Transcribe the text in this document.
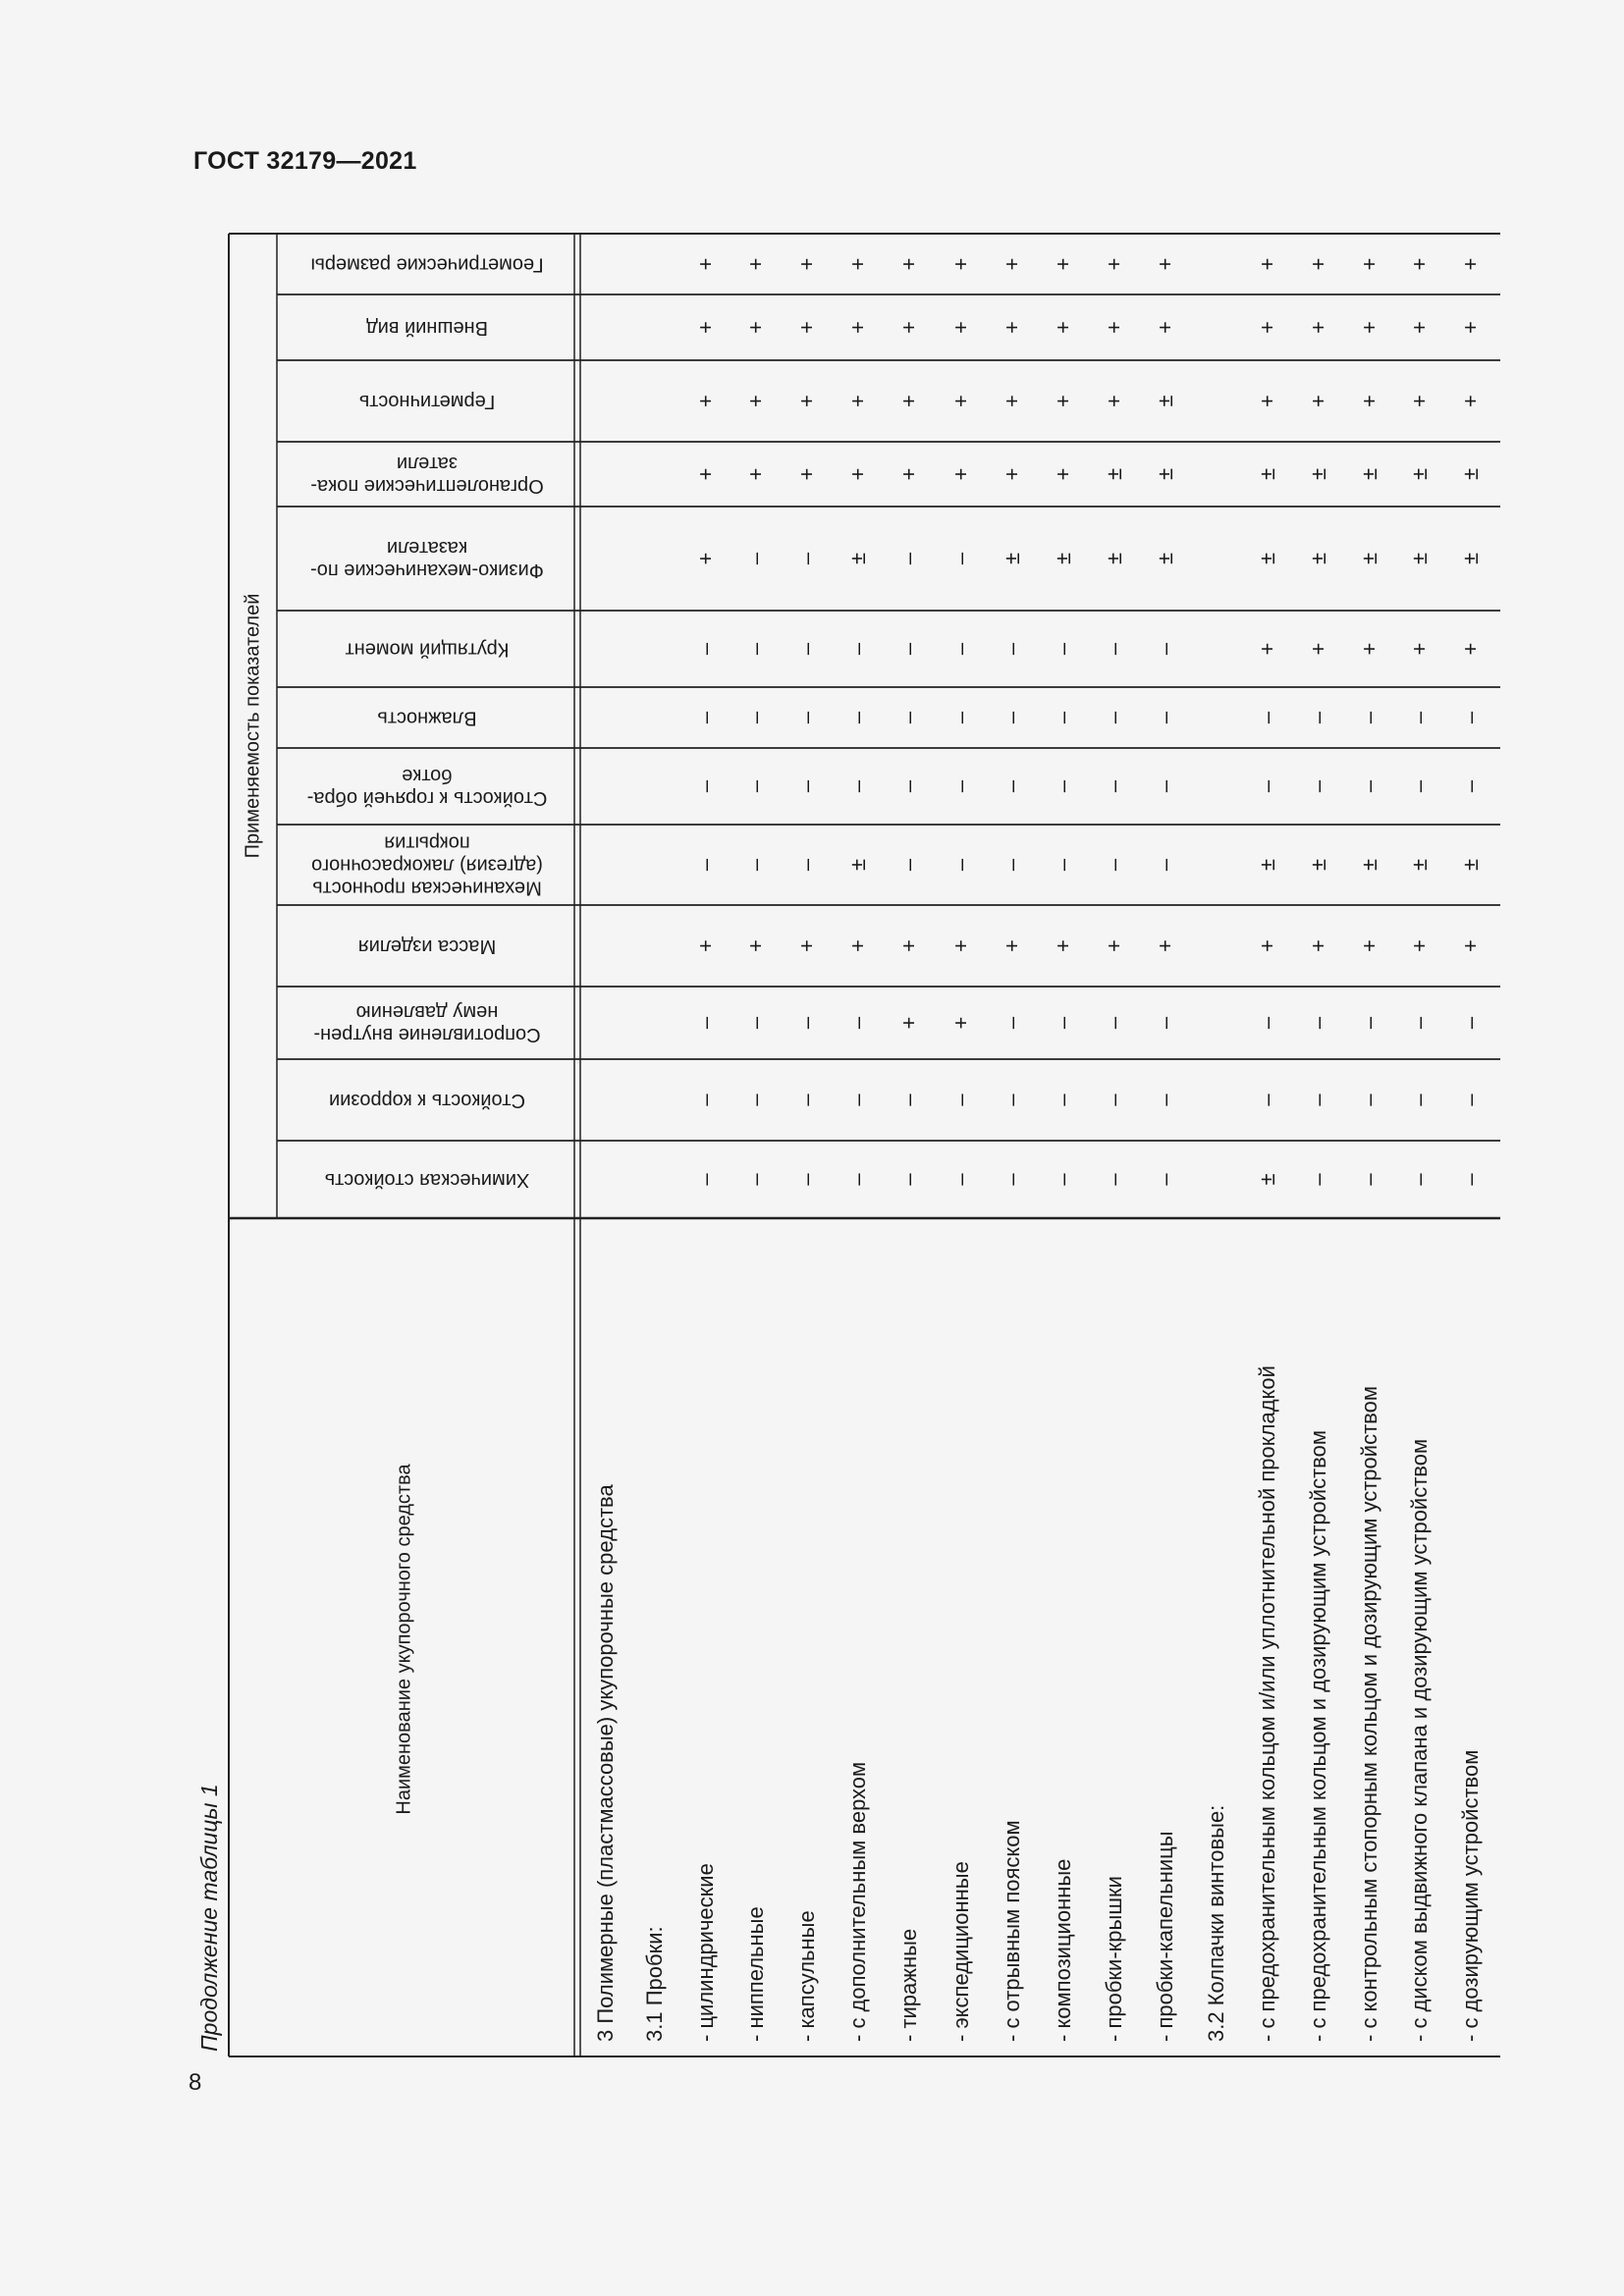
ГОСТ 32179—2021
Продолжение таблицы 1
8
Применяемость показателей
Наименование укупорочного средства
Геометрические размеры
Внешний вид
Герметичность
Органолептические пока-
затели
Физико-механические по-
казатели
Крутящий момент
Влажность
Стойкость к горячей обра-
ботке
Механическая прочность
(адгезия) лакокрасочного
покрытия
Масса изделия
Сопротивление внутрен-
нему давлению
Стойкость к коррозии
Химическая стойкость
3 Полимерные (пластмассовые) укупорочные средства 3.1 Пробки: - цилиндрические
+
+
+
+
+
–
–
–
–
+
–
–
–
- ниппельные
+
+
+
+
–
–
–
–
–
+
–
–
–
- капсульные
+
+
+
+
–
–
–
–
–
+
–
–
–
- с дополнительным верхом
+
+
+
+
±
–
–
–
±
+
–
–
–
- тиражные
+
+
+
+
–
–
–
–
–
+
+
–
–
- экспедиционные
+
+
+
+
–
–
–
–
–
+
+
–
–
- с отрывным пояском
+
+
+
+
±
–
–
–
–
+
–
–
–
- композиционные
+
+
+
+
±
–
–
–
–
+
–
–
–
- пробки-крышки
+
+
+
±
±
–
–
–
–
+
–
–
–
- пробки-капельницы
+
+
±
±
±
–
–
–
–
+
–
–
–
3.2 Колпачки винтовые: - с предохранительным кольцом и/или уплотнительной прокладкой
+
+
+
±
±
+
–
–
±
+
–
–
±
- с предохранительным кольцом и дозирующим устройством
+
+
+
±
±
+
–
–
±
+
–
–
–
- с контрольным стопорным кольцом и дозирующим устройством
+
+
+
±
±
+
–
–
±
+
–
–
–
- с диском выдвижного клапана и дозирующим устройством
+
+
+
±
±
+
–
–
±
+
–
–
–
- с дозирующим устройством
+
+
+
±
±
+
–
–
±
+
–
–
–
